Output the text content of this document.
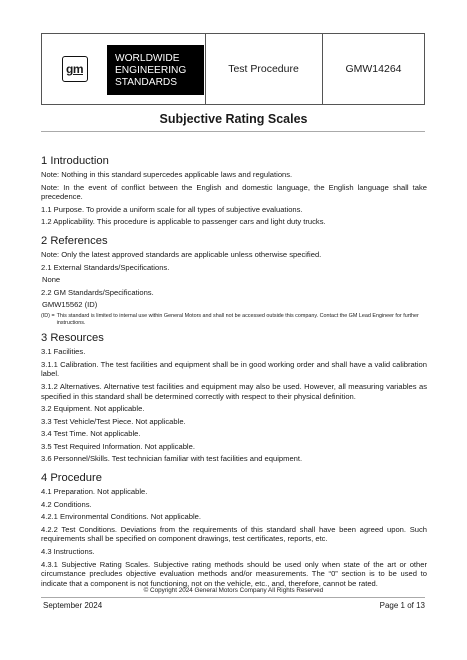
gm
WORLDWIDE
ENGINEERING
STANDARDS
Test Procedure	GMW14264
Subjective Rating Scales
1 Introduction
Note: Nothing in this standard supercedes applicable laws and regulations.
Note: In the event of conflict between the English and domestic language, the English language shall take precedence.
1.1 Purpose. To provide a uniform scale for all types of subjective evaluations.
1.2 Applicability. This procedure is applicable to passenger cars and light duty trucks.
2 References
Note: Only the latest approved standards are applicable unless otherwise specified.
2.1 External Standards/Specifications.
None
2.2 GM Standards/Specifications.
GMW15562 (ID)
(ID) = This standard is limited to internal use within General Motors and shall not be accessed outside this company. Contact the GM Lead Engineer for further instructions.
3 Resources
3.1 Facilities.
3.1.1 Calibration. The test facilities and equipment shall be in good working order and shall have a valid calibration label.
3.1.2 Alternatives. Alternative test facilities and equipment may also be used. However, all measuring variables as specified in this standard shall be determined correctly with respect to their physical definition.
3.2 Equipment. Not applicable.
3.3 Test Vehicle/Test Piece. Not applicable.
3.4 Test Time. Not applicable.
3.5 Test Required Information. Not applicable.
3.6 Personnel/Skills. Test technician familiar with test facilities and equipment.
4 Procedure
4.1 Preparation. Not applicable.
4.2 Conditions.
4.2.1 Environmental Conditions. Not applicable.
4.2.2 Test Conditions. Deviations from the requirements of this standard shall have been agreed upon. Such requirements shall be specified on component drawings, test certificates, reports, etc.
4.3 Instructions.
4.3.1 Subjective Rating Scales. Subjective rating methods should be used only when state of the art or other circumstance precludes objective evaluation methods and/or measurements. The “0” section is to be used to indicate that a component is not functioning, not on the vehicle, etc., and, therefore, cannot be rated.
© Copyright 2024 General Motors Company All Rights Reserved
September 2024	Page 1 of 13
